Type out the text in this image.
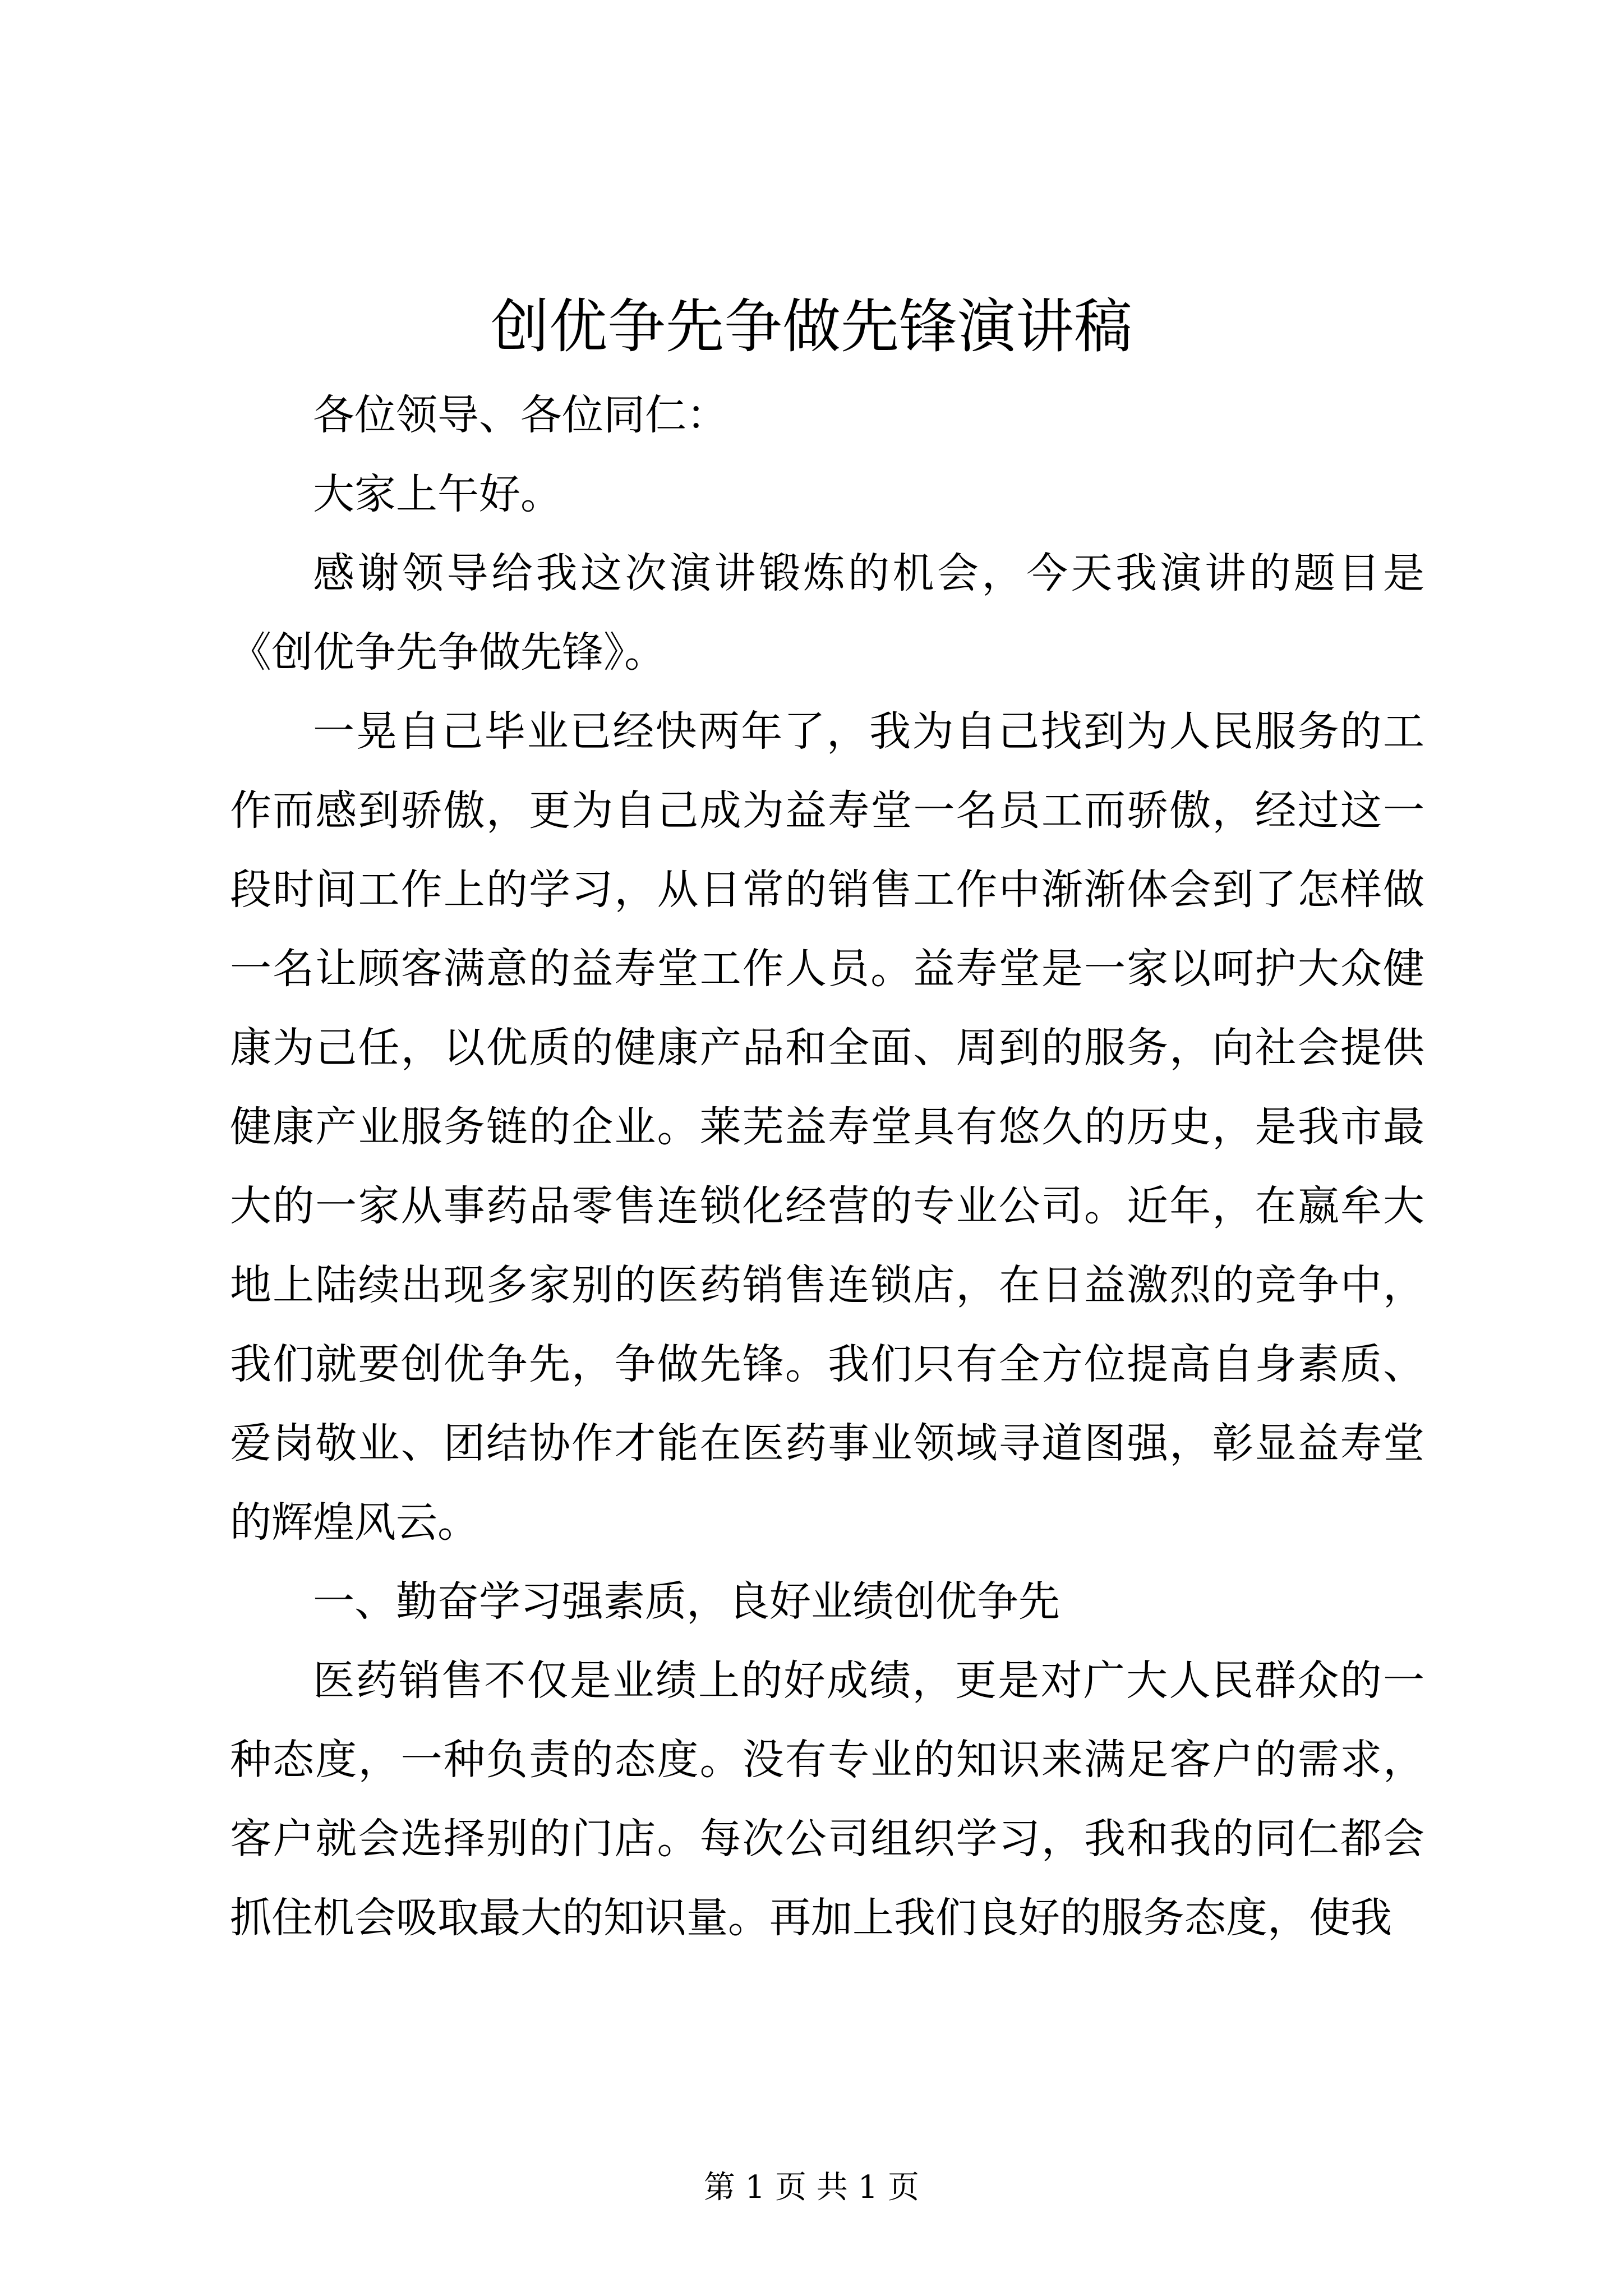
创优争先争做先锋演讲稿

各位领导、各位同仁：

大家上午好。

感谢领导给我这次演讲锻炼的机会，今天我演讲的题目是《创优争先争做先锋》。

一晃自己毕业已经快两年了，我为自己找到为人民服务的工作而感到骄傲，更为自己成为益寿堂一名员工而骄傲，经过这一段时间工作上的学习，从日常的销售工作中渐渐体会到了怎样做一名让顾客满意的益寿堂工作人员。益寿堂是一家以呵护大众健康为己任，以优质的健康产品和全面、周到的服务，向社会提供健康产业服务链的企业。莱芜益寿堂具有悠久的历史，是我市最大的一家从事药品零售连锁化经营的专业公司。近年，在嬴牟大地上陆续出现多家别的医药销售连锁店，在日益激烈的竞争中，我们就要创优争先，争做先锋。我们只有全方位提高自身素质、爱岗敬业、团结协作才能在医药事业领域寻道图强，彰显益寿堂的辉煌风云。

一、勤奋学习强素质，良好业绩创优争先

医药销售不仅是业绩上的好成绩，更是对广大人民群众的一种态度，一种负责的态度。没有专业的知识来满足客户的需求，客户就会选择别的门店。每次公司组织学习，我和我的同仁都会抓住机会吸取最大的知识量。再加上我们良好的服务态度，使我

第 1 页 共 1 页
